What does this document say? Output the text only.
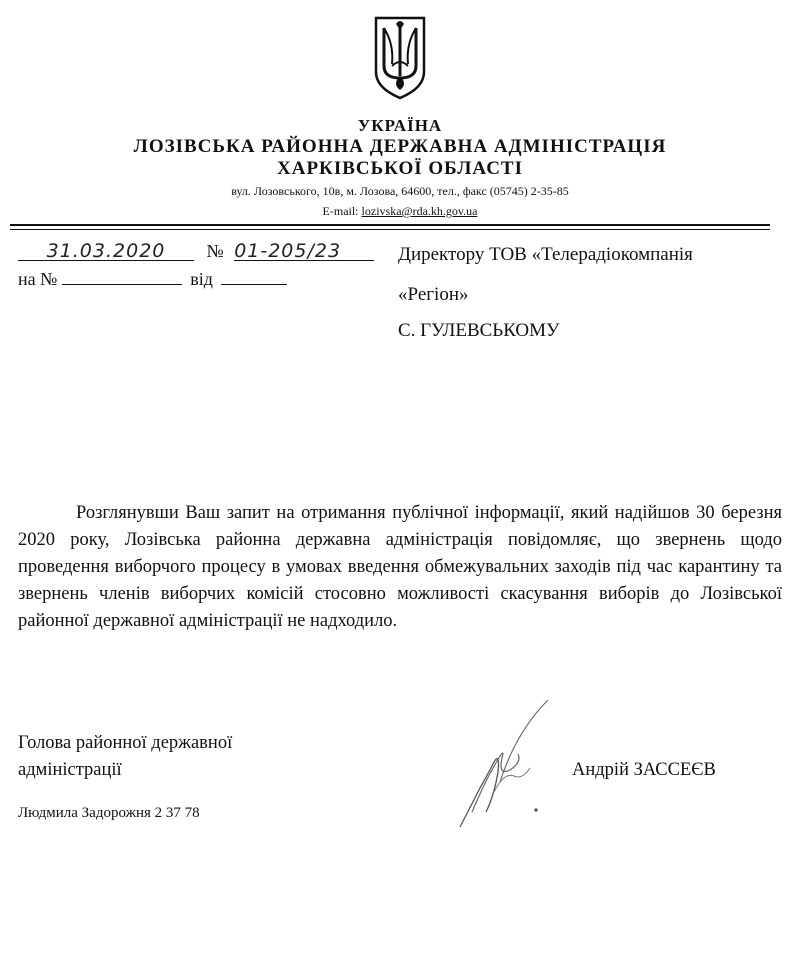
УКРАЇНА
ЛОЗІВСЬКА РАЙОННА ДЕРЖАВНА АДМІНІСТРАЦІЯ
ХАРКІВСЬКОЇ ОБЛАСТІ
вул. Лозовського, 10в, м. Лозова, 64600, тел., факс (05745) 2-35-85
E-mail: lozivska@rda.kh.gov.ua
31.03.2020 № 01-205/23
на №	від
Директору ТОВ «Телерадіокомпанія
«Регіон»
С. ГУЛЕВСЬКОМУ
Розглянувши Ваш запит на отримання публічної інформації, який надійшов 30 березня 2020 року, Лозівська районна державна адміністрація повідомляє, що звернень щодо проведення виборчого процесу в умовах введення обмежувальних заходів під час карантину та звернень членів виборчих комісій стосовно можливості скасування виборів до Лозівської районної державної адміністрації не надходило.
Голова районної державної
адміністрації	Андрій ЗАССЕЄВ
Людмила Задорожня 2 37 78
